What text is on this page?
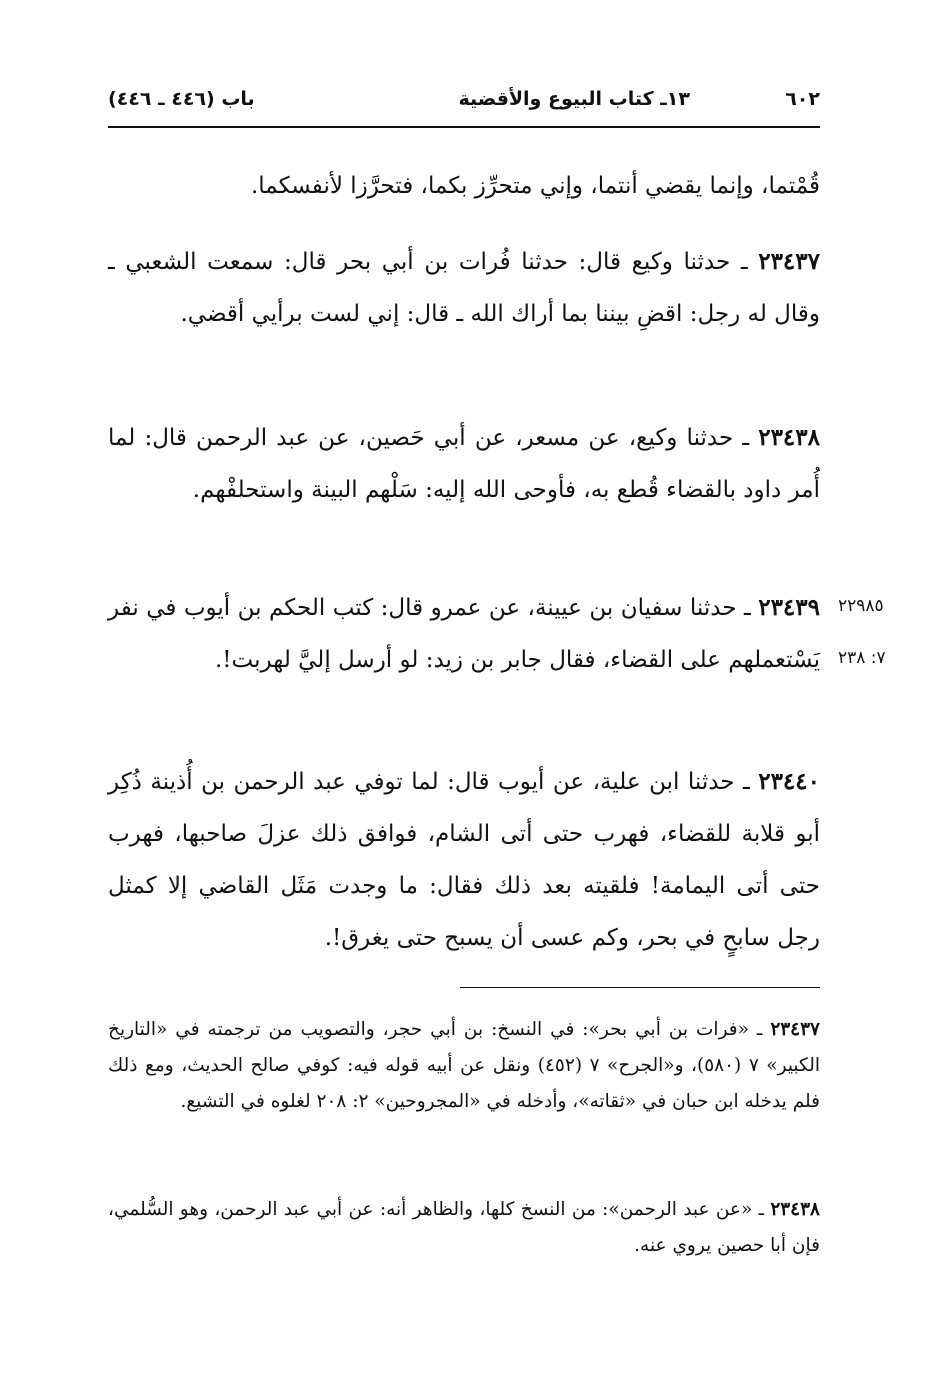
٦٠٢
١٣ـ كتاب البيوع والأقضية
باب (٤٤٦ ـ ٤٤٦)
قُمْتما، وإنما يقضي أنتما، وإني متحرِّز بكما، فتحرَّزا لأنفسكما.
٢٣٤٣٧ ـ حدثنا وكيع قال: حدثنا فُرات بن أبي بحر قال: سمعت الشعبي ـ وقال له رجل: اقضِ بيننا بما أراك الله ـ قال: إني لست برأيي أقضي.
٢٣٤٣٨ ـ حدثنا وكيع، عن مسعر، عن أبي حَصين، عن عبد الرحمن قال: لما أُمر داود بالقضاء قُطع به، فأوحى الله إليه: سَلْهم البينة واستحلفْهم.
٢٣٤٣٩ ـ حدثنا سفيان بن عيينة، عن عمرو قال: كتب الحكم بن أيوب في نفر يَسْتعملهم على القضاء، فقال جابر بن زيد: لو أرسل إليَّ لهربت!.
٢٢٩٨٥
٧: ٢٣٨
٢٣٤٤٠ ـ حدثنا ابن علية، عن أيوب قال: لما توفي عبد الرحمن بن أُذينة ذُكِر أبو قلابة للقضاء، فهرب حتى أتى الشام، فوافق ذلك عزلَ صاحبها، فهرب حتى أتى اليمامة! فلقيته بعد ذلك فقال: ما وجدت مَثَل القاضي إلا كمثل رجل سابحٍ في بحر، وكم عسى أن يسبح حتى يغرق!.
٢٣٤٣٧ ـ «فرات بن أبي بحر»: في النسخ: بن أبي حجر، والتصويب من ترجمته في «التاريخ الكبير» ٧ (٥٨٠)، و«الجرح» ٧ (٤٥٢) ونقل عن أبيه قوله فيه: كوفي صالح الحديث، ومع ذلك فلم يدخله ابن حبان في «ثقاته»، وأدخله في «المجروحين» ٢: ٢٠٨ لغلوه في التشيع.
٢٣٤٣٨ ـ «عن عبد الرحمن»: من النسخ كلها، والظاهر أنه: عن أبي عبد الرحمن، وهو السُّلمي، فإن أبا حصين يروي عنه.
